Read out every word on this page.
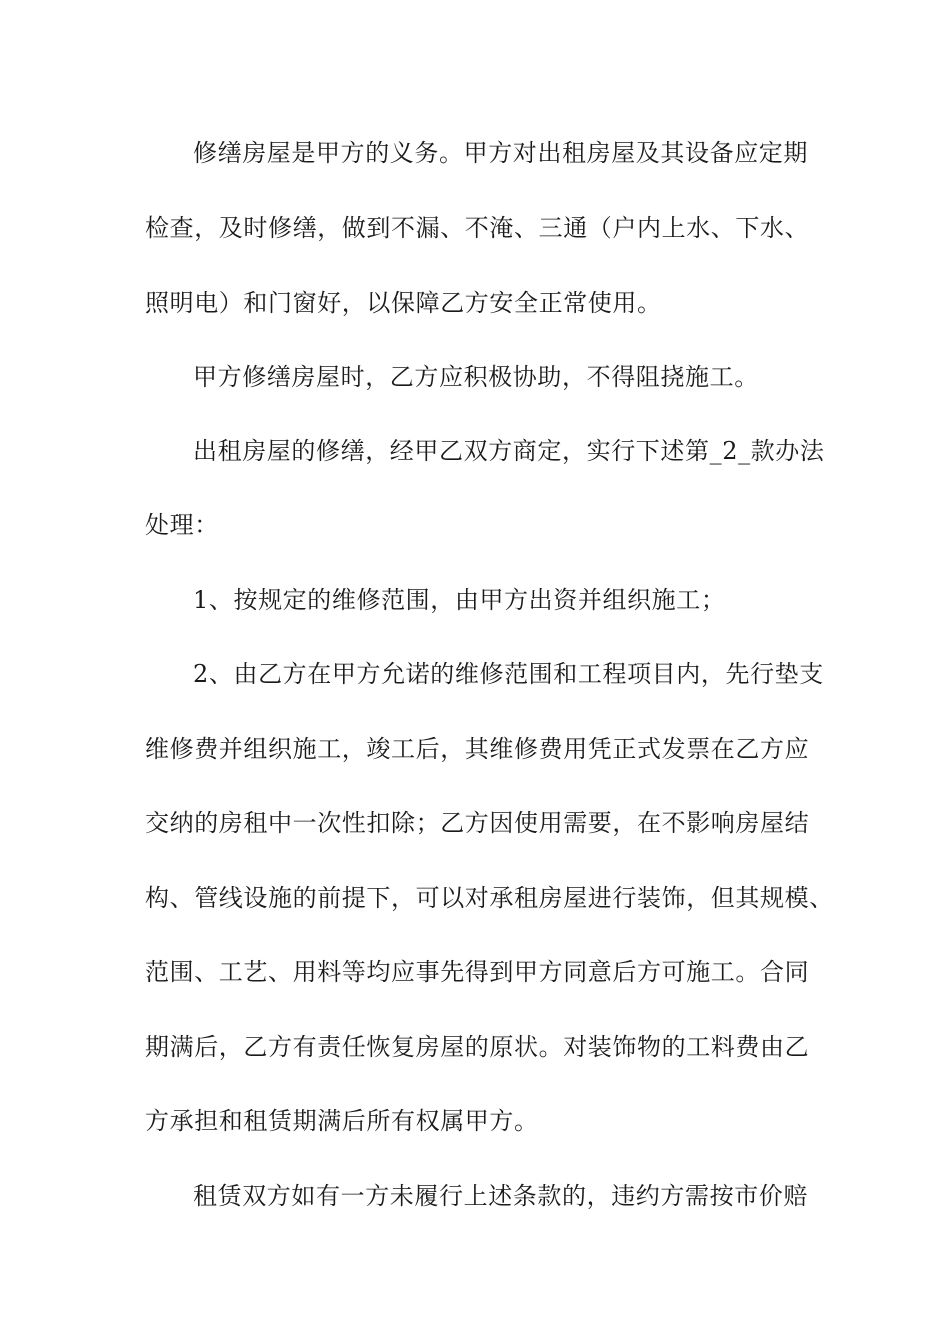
修缮房屋是甲方的义务。甲方对出租房屋及其设备应定期

检查，及时修缮，做到不漏、不淹、三通（户内上水、下水、

照明电）和门窗好，以保障乙方安全正常使用。

甲方修缮房屋时，乙方应积极协助，不得阻挠施工。

出租房屋的修缮，经甲乙双方商定，实行下述第_2_款办法

处理：

1、按规定的维修范围，由甲方出资并组织施工；

2、由乙方在甲方允诺的维修范围和工程项目内，先行垫支

维修费并组织施工，竣工后，其维修费用凭正式发票在乙方应

交纳的房租中一次性扣除；乙方因使用需要，在不影响房屋结

构、管线设施的前提下，可以对承租房屋进行装饰，但其规模、

范围、工艺、用料等均应事先得到甲方同意后方可施工。合同

期满后，乙方有责任恢复房屋的原状。对装饰物的工料费由乙

方承担和租赁期满后所有权属甲方。

租赁双方如有一方未履行上述条款的，违约方需按市价赔
